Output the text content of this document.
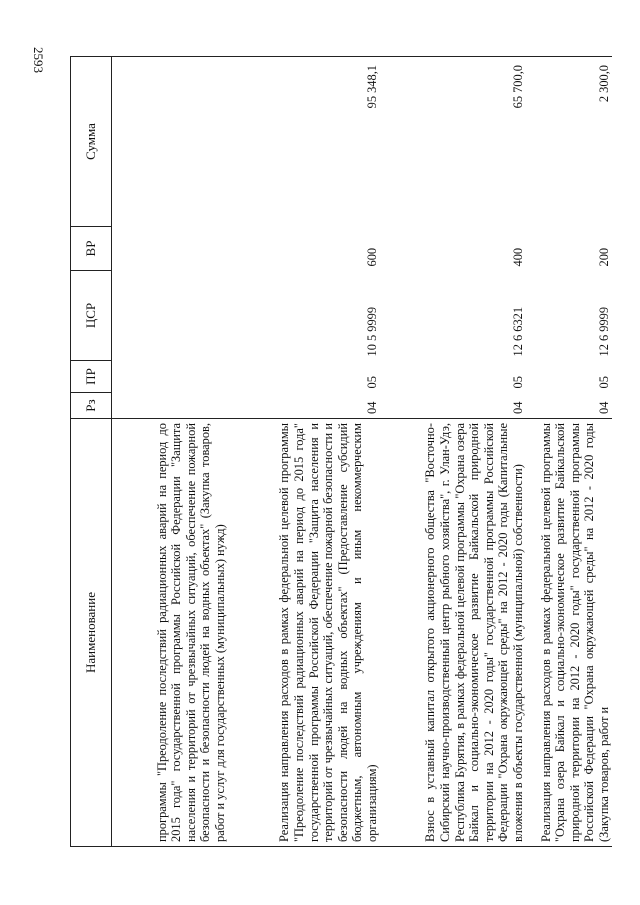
2593
Наименование	Рз	ПР	ЦСР	ВР	Сумма
программы "Преодоление последствий радиационных аварий на период до 2015 года" государственной программы Российской Федерации "Защита населения и территорий от чрезвычайных ситуаций, обеспечение пожарной безопасности и безопасности людей на водных объектах" (Закупка товаров, работ и услуг для государственных (муниципальных) нужд)					
Реализация направления расходов в рамках федеральной целевой программы "Преодоление последствий радиационных аварий на период до 2015 года" государственной программы Российской Федерации "Защита населения и территорий от чрезвычайных ситуаций, обеспечение пожарной безопасности и безопасности людей на водных объектах" (Предоставление субсидий бюджетным, автономным учреждениям и иным некоммерческим организациям)	04	05	10 5 9999	600	95 348,1
Взнос в уставный капитал открытого акционерного общества "Восточно-Сибирский научно-производственный центр рыбного хозяйства", г. Улан-Удэ, Республика Бурятия, в рамках федеральной целевой программы "Охрана озера Байкал и социально-экономическое развитие Байкальской природной территории на 2012 - 2020 годы" государственной программы Российской Федерации "Охрана окружающей среды" на 2012 - 2020 годы (Капитальные вложения в объекты государственной (муниципальной) собственности)	04	05	12 6 6321	400	65 700,0
Реализация направления расходов в рамках федеральной целевой программы "Охрана озера Байкал и социально-экономическое развитие Байкальской природной территории на 2012 - 2020 годы" государственной программы Российской Федерации "Охрана окружающей среды" на 2012 - 2020 годы (Закупка товаров, работ и	04	05	12 6 9999	200	2 300,0
